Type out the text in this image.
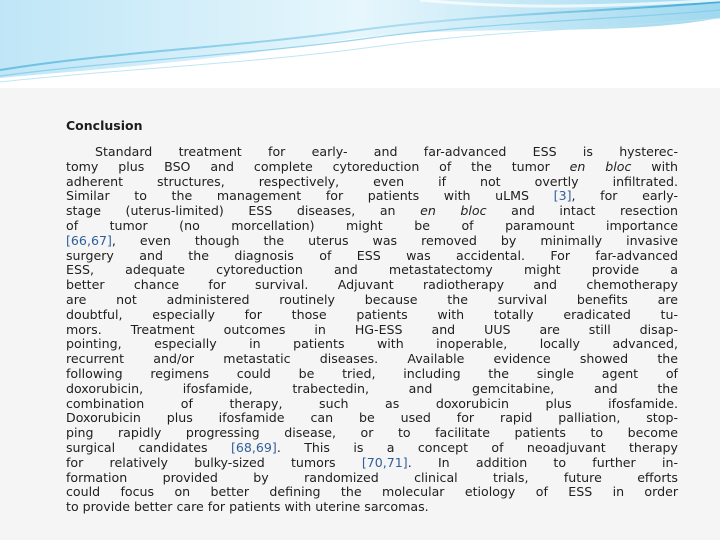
Conclusion

Standard treatment for early- and far-advanced ESS is hysterec-
tomy plus BSO and complete cytoreduction of the tumor en bloc with
adherent structures, respectively, even if not overtly infiltrated.
Similar to the management for patients with uLMS [3], for early-
stage (uterus-limited) ESS diseases, an en bloc and intact resection
of tumor (no morcellation) might be of paramount importance
[66,67], even though the uterus was removed by minimally invasive
surgery and the diagnosis of ESS was accidental. For far-advanced
ESS, adequate cytoreduction and metastatectomy might provide a
better chance for survival. Adjuvant radiotherapy and chemotherapy
are not administered routinely because the survival benefits are
doubtful, especially for those patients with totally eradicated tu-
mors. Treatment outcomes in HG-ESS and UUS are still disap-
pointing, especially in patients with inoperable, locally advanced,
recurrent and/or metastatic diseases. Available evidence showed the
following regimens could be tried, including the single agent of
doxorubicin, ifosfamide, trabectedin, and gemcitabine, and the
combination of therapy, such as doxorubicin plus ifosfamide.
Doxorubicin plus ifosfamide can be used for rapid palliation, stop-
ping rapidly progressing disease, or to facilitate patients to become
surgical candidates [68,69]. This is a concept of neoadjuvant therapy
for relatively bulky-sized tumors [70,71]. In addition to further in-
formation provided by randomized clinical trials, future efforts
could focus on better defining the molecular etiology of ESS in order
to provide better care for patients with uterine sarcomas.
